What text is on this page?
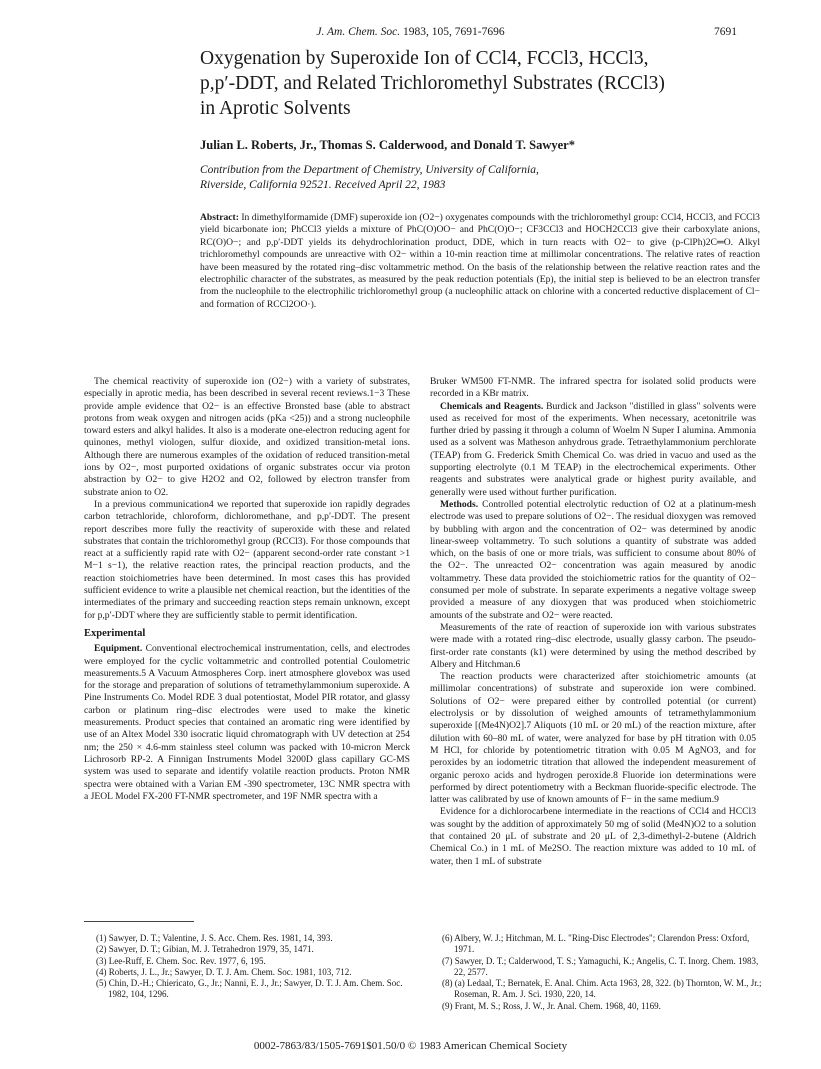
J. Am. Chem. Soc. 1983, 105, 7691-7696	7691
Oxygenation by Superoxide Ion of CCl4, FCCl3, HCCl3,
p,p′-DDT, and Related Trichloromethyl Substrates (RCCl3)
in Aprotic Solvents
Julian L. Roberts, Jr., Thomas S. Calderwood, and Donald T. Sawyer*
Contribution from the Department of Chemistry, University of California,
Riverside, California 92521. Received April 22, 1983
Abstract: In dimethylformamide (DMF) superoxide ion (O2−) oxygenates compounds with the trichloromethyl group: CCl4, HCCl3, and FCCl3 yield bicarbonate ion; PhCCl3 yields a mixture of PhC(O)OO− and PhC(O)O−; CF3CCl3 and HOCH2CCl3 give their carboxylate anions, RC(O)O−; and p,p′-DDT yields its dehydrochlorination product, DDE, which in turn reacts with O2− to give (p-ClPh)2C═O. Alkyl trichloromethyl compounds are unreactive with O2− within a 10-min reaction time at millimolar concentrations. The relative rates of reaction have been measured by the rotated ring–disc voltammetric method. On the basis of the relationship between the relative reaction rates and the electrophilic character of the substrates, as measured by the peak reduction potentials (Ep), the initial step is believed to be an electron transfer from the nucleophile to the electrophilic trichloromethyl group (a nucleophilic attack on chlorine with a concerted reductive displacement of Cl− and formation of RCCl2OO·).

The chemical reactivity of superoxide ion (O2−) with a variety of substrates, especially in aprotic media, has been described in several recent reviews.1−3 These provide ample evidence that O2− is an effective Bronsted base (able to abstract protons from weak oxygen and nitrogen acids (pKa <25)) and a strong nucleophile toward esters and alkyl halides. It also is a moderate one-electron reducing agent for quinones, methyl viologen, sulfur dioxide, and oxidized transition-metal ions. Although there are numerous examples of the oxidation of reduced transition-metal ions by O2−, most purported oxidations of organic substrates occur via proton abstraction by O2− to give H2O2 and O2, followed by electron transfer from substrate anion to O2.

In a previous communication4 we reported that superoxide ion rapidly degrades carbon tetrachloride, chloroform, dichloromethane, and p,p′-DDT. The present report describes more fully the reactivity of superoxide with these and related substrates that contain the trichloromethyl group (RCCl3). For those compounds that react at a sufficiently rapid rate with O2− (apparent second-order rate constant >1 M−1 s−1), the relative reaction rates, the principal reaction products, and the reaction stoichiometries have been determined. In most cases this has provided sufficient evidence to write a plausible net chemical reaction, but the identities of the intermediates of the primary and succeeding reaction steps remain unknown, except for p,p′-DDT where they are sufficiently stable to permit identification.

Experimental

Equipment. Conventional electrochemical instrumentation, cells, and electrodes were employed for the cyclic voltammetric and controlled potential Coulometric measurements.5 A Vacuum Atmospheres Corp. inert atmosphere glovebox was used for the storage and preparation of solutions of tetramethylammonium superoxide. A Pine Instruments Co. Model RDE 3 dual potentiostat, Model PIR rotator, and glassy carbon or platinum ring–disc electrodes were used to make the kinetic measurements. Product species that contained an aromatic ring were identified by use of an Altex Model 330 isocratic liquid chromatograph with UV detection at 254 nm; the 250 × 4.6-mm stainless steel column was packed with 10-micron Merck Lichrosorb RP-2. A Finnigan Instruments Model 3200D glass capillary GC-MS system was used to separate and identify volatile reaction products. Proton NMR spectra were obtained with a Varian EM -390 spectrometer, 13C NMR spectra with a JEOL Model FX-200 FT-NMR spectrometer, and 19F NMR spectra with a

Bruker WM500 FT-NMR. The infrared spectra for isolated solid products were recorded in a KBr matrix.

Chemicals and Reagents. Burdick and Jackson "distilled in glass" solvents were used as received for most of the experiments. When necessary, acetonitrile was further dried by passing it through a column of Woelm N Super I alumina. Ammonia used as a solvent was Matheson anhydrous grade. Tetraethylammonium perchlorate (TEAP) from G. Frederick Smith Chemical Co. was dried in vacuo and used as the supporting electrolyte (0.1 M TEAP) in the electrochemical experiments. Other reagents and substrates were analytical grade or highest purity available, and generally were used without further purification.

Methods. Controlled potential electrolytic reduction of O2 at a platinum-mesh electrode was used to prepare solutions of O2−. The residual dioxygen was removed by bubbling with argon and the concentration of O2− was determined by anodic linear-sweep voltammetry. To such solutions a quantity of substrate was added which, on the basis of one or more trials, was sufficient to consume about 80% of the O2−. The unreacted O2− concentration was again measured by anodic voltammetry. These data provided the stoichiometric ratios for the quantity of O2− consumed per mole of substrate. In separate experiments a negative voltage sweep provided a measure of any dioxygen that was produced when stoichiometric amounts of the substrate and O2− were reacted.

Measurements of the rate of reaction of superoxide ion with various substrates were made with a rotated ring–disc electrode, usually glassy carbon. The pseudo-first-order rate constants (k1) were determined by using the method described by Albery and Hitchman.6

The reaction products were characterized after stoichiometric amounts (at millimolar concentrations) of substrate and superoxide ion were combined. Solutions of O2− were prepared either by controlled potential (or current) electrolysis or by dissolution of weighed amounts of tetramethylammonium superoxide [(Me4N)O2].7 Aliquots (10 mL or 20 mL) of the reaction mixture, after dilution with 60–80 mL of water, were analyzed for base by pH titration with 0.05 M HCl, for chloride by potentiometric titration with 0.05 M AgNO3, and for peroxides by an iodometric titration that allowed the independent measurement of organic peroxo acids and hydrogen peroxide.8 Fluoride ion determinations were performed by direct potentiometry with a Beckman fluoride-specific electrode. The latter was calibrated by use of known amounts of F− in the same medium.9

Evidence for a dichlorocarbene intermediate in the reactions of CCl4 and HCCl3 was sought by the addition of approximately 50 mg of solid (Me4N)O2 to a solution that contained 20 μL of substrate and 20 μL of 2,3-dimethyl-2-butene (Aldrich Chemical Co.) in 1 mL of Me2SO. The reaction mixture was added to 10 mL of water, then 1 mL of substrate

(1) Sawyer, D. T.; Valentine, J. S. Acc. Chem. Res. 1981, 14, 393.
(2) Sawyer, D. T.; Gibian, M. J. Tetrahedron 1979, 35, 1471.
(3) Lee-Ruff, E. Chem. Soc. Rev. 1977, 6, 195.
(4) Roberts, J. L., Jr.; Sawyer, D. T. J. Am. Chem. Soc. 1981, 103, 712.
(5) Chin, D.-H.; Chiericato, G., Jr.; Nanni, E. J., Jr.; Sawyer, D. T. J. Am. Chem. Soc. 1982, 104, 1296.
(6) Albery, W. J.; Hitchman, M. L. "Ring-Disc Electrodes"; Clarendon Press: Oxford, 1971.
(7) Sawyer, D. T.; Calderwood, T. S.; Yamaguchi, K.; Angelis, C. T. Inorg. Chem. 1983, 22, 2577.
(8) (a) Ledaal, T.; Bernatek, E. Anal. Chim. Acta 1963, 28, 322. (b) Thornton, W. M., Jr.; Roseman, R. Am. J. Sci. 1930, 220, 14.
(9) Frant, M. S.; Ross, J. W., Jr. Anal. Chem. 1968, 40, 1169.
0002-7863/83/1505-7691$01.50/0 © 1983 American Chemical Society
